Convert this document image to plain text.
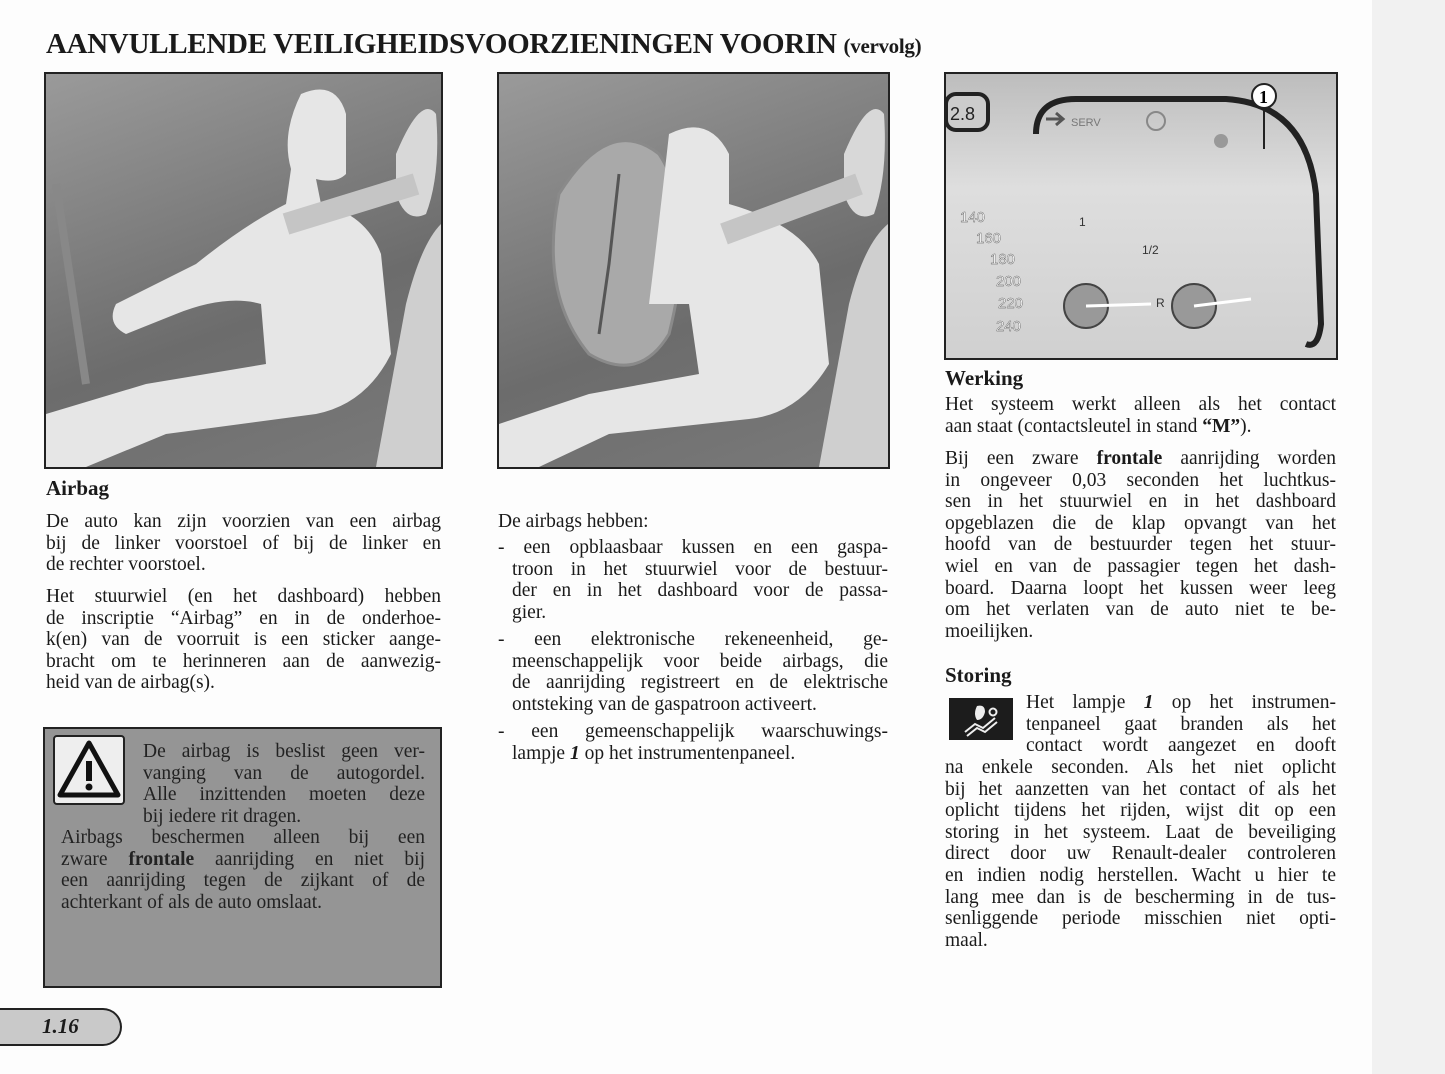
AANVULLENDE VEILIGHEIDSVOORZIENINGEN VOORIN (vervolg)
2.8	SERV
1
140
160
180
200
220
240
1
1/2
R
Airbag
De auto kan zijn voorzien van een airbag
bij de linker voorstoel of bij de linker en
de rechter voorstoel.
Het stuurwiel (en het dashboard) hebben
de inscriptie “Airbag” en in de onderhoe-
k(en) van de voorruit is een sticker aange-
bracht om te herinneren aan de aanwezig-
heid van de airbag(s).
De airbag is beslist geen ver-
vanging van de autogordel.
Alle inzittenden moeten deze
bij iedere rit dragen.
Airbags beschermen alleen bij een
zware frontale aanrijding en niet bij
een aanrijding tegen de zijkant of de
achterkant of als de auto omslaat.
De airbags hebben:
- een opblaasbaar kussen en een gaspa-
troon in het stuurwiel voor de bestuur-
der en in het dashboard voor de passa-
gier.
- een elektronische rekeneenheid, ge-
meenschappelijk voor beide airbags, die
de aanrijding registreert en de elektrische
ontsteking van de gaspatroon activeert.
- een gemeenschappelijk waarschuwings-
lampje 1 op het instrumentenpaneel.
Werking
Het systeem werkt alleen als het contact
aan staat (contactsleutel in stand “M”).
Bij een zware frontale aanrijding worden
in ongeveer 0,03 seconden het luchtkus-
sen in het stuurwiel en in het dashboard
opgeblazen die de klap opvangt van het
hoofd van de bestuurder tegen het stuur-
wiel en van de passagier tegen het dash-
board. Daarna loopt het kussen weer leeg
om het verlaten van de auto niet te be-
moeilijken.
Storing
Het lampje 1 op het instrumen-
tenpaneel gaat branden als het
contact wordt aangezet en dooft
na enkele seconden. Als het niet oplicht
bij het aanzetten van het contact of als het
oplicht tijdens het rijden, wijst dit op een
storing in het systeem. Laat de beveiliging
direct door uw Renault-dealer controleren
en indien nodig herstellen. Wacht u hier te
lang mee dan is de bescherming in de tus-
senliggende periode misschien niet opti-
maal.
1.16
